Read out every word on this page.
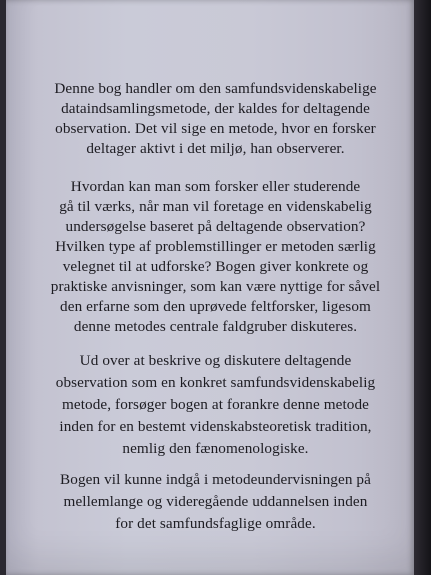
Denne bog handler om den samfundsvidenskabelige
dataindsamlingsmetode, der kaldes for deltagende
observation. Det vil sige en metode, hvor en forsker
deltager aktivt i det miljø, han observerer.
Hvordan kan man som forsker eller studerende
gå til værks, når man vil foretage en videnskabelig
undersøgelse baseret på deltagende observation?
Hvilken type af problemstillinger er metoden særlig
velegnet til at udforske? Bogen giver konkrete og
praktiske anvisninger, som kan være nyttige for såvel
den erfarne som den uprøvede feltforsker, ligesom
denne metodes centrale faldgruber diskuteres.
Ud over at beskrive og diskutere deltagende
observation som en konkret samfundsvidenskabelig
metode, forsøger bogen at forankre denne metode
inden for en bestemt videnskabsteoretisk tradition,
nemlig den fænomenologiske.
Bogen vil kunne indgå i metodeundervisningen på
mellemlange og videregående uddannelsen inden
for det samfundsfaglige område.
